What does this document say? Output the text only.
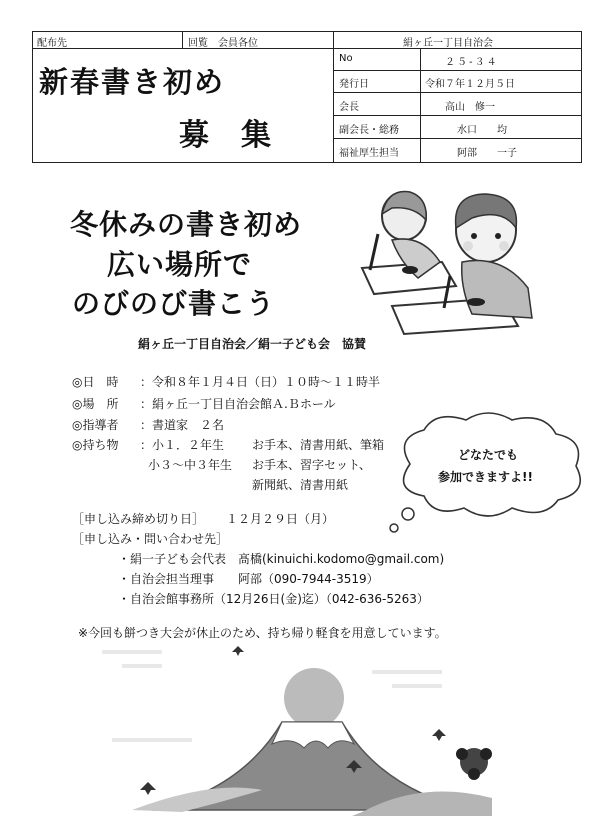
配布先	回覧　会員各位	絹ヶ丘一丁目自治会
新春書き初め
募集
No	２５-３４
発行日	令和７年１２月５日
会長	高山　修一
副会長・総務	水口　　均
福祉厚生担当	阿部　　一子
冬休みの書き初め
広い場所で
のびのび書こう
絹ヶ丘一丁目自治会／絹一子ども会　協賛
◎日　時 ：令和８年１月４日（日）１０時～１１時半
◎場　所 ：絹ヶ丘一丁目自治会館Ａ.Ｂホール
◎指導者 ：書道家　２名
◎持ち物 ：小１．２年生 お手本、清書用紙、筆箱
小３～中３年生 お手本、習字セット、
新聞紙、清書用紙
どなたでも
参加できますよ!!
［申し込み締め切り日］ １２月２９日（月）
［申し込み・問い合わせ先］
・絹一子ども会代表　髙橋(kinuichi.kodomo@gmail.com)
・自治会担当理事　　阿部（090-7944-3519）
・自治会館事務所（12月26日(金)迄）（042-636-5263）
※今回も餅つき大会が休止のため、持ち帰り軽食を用意しています。
